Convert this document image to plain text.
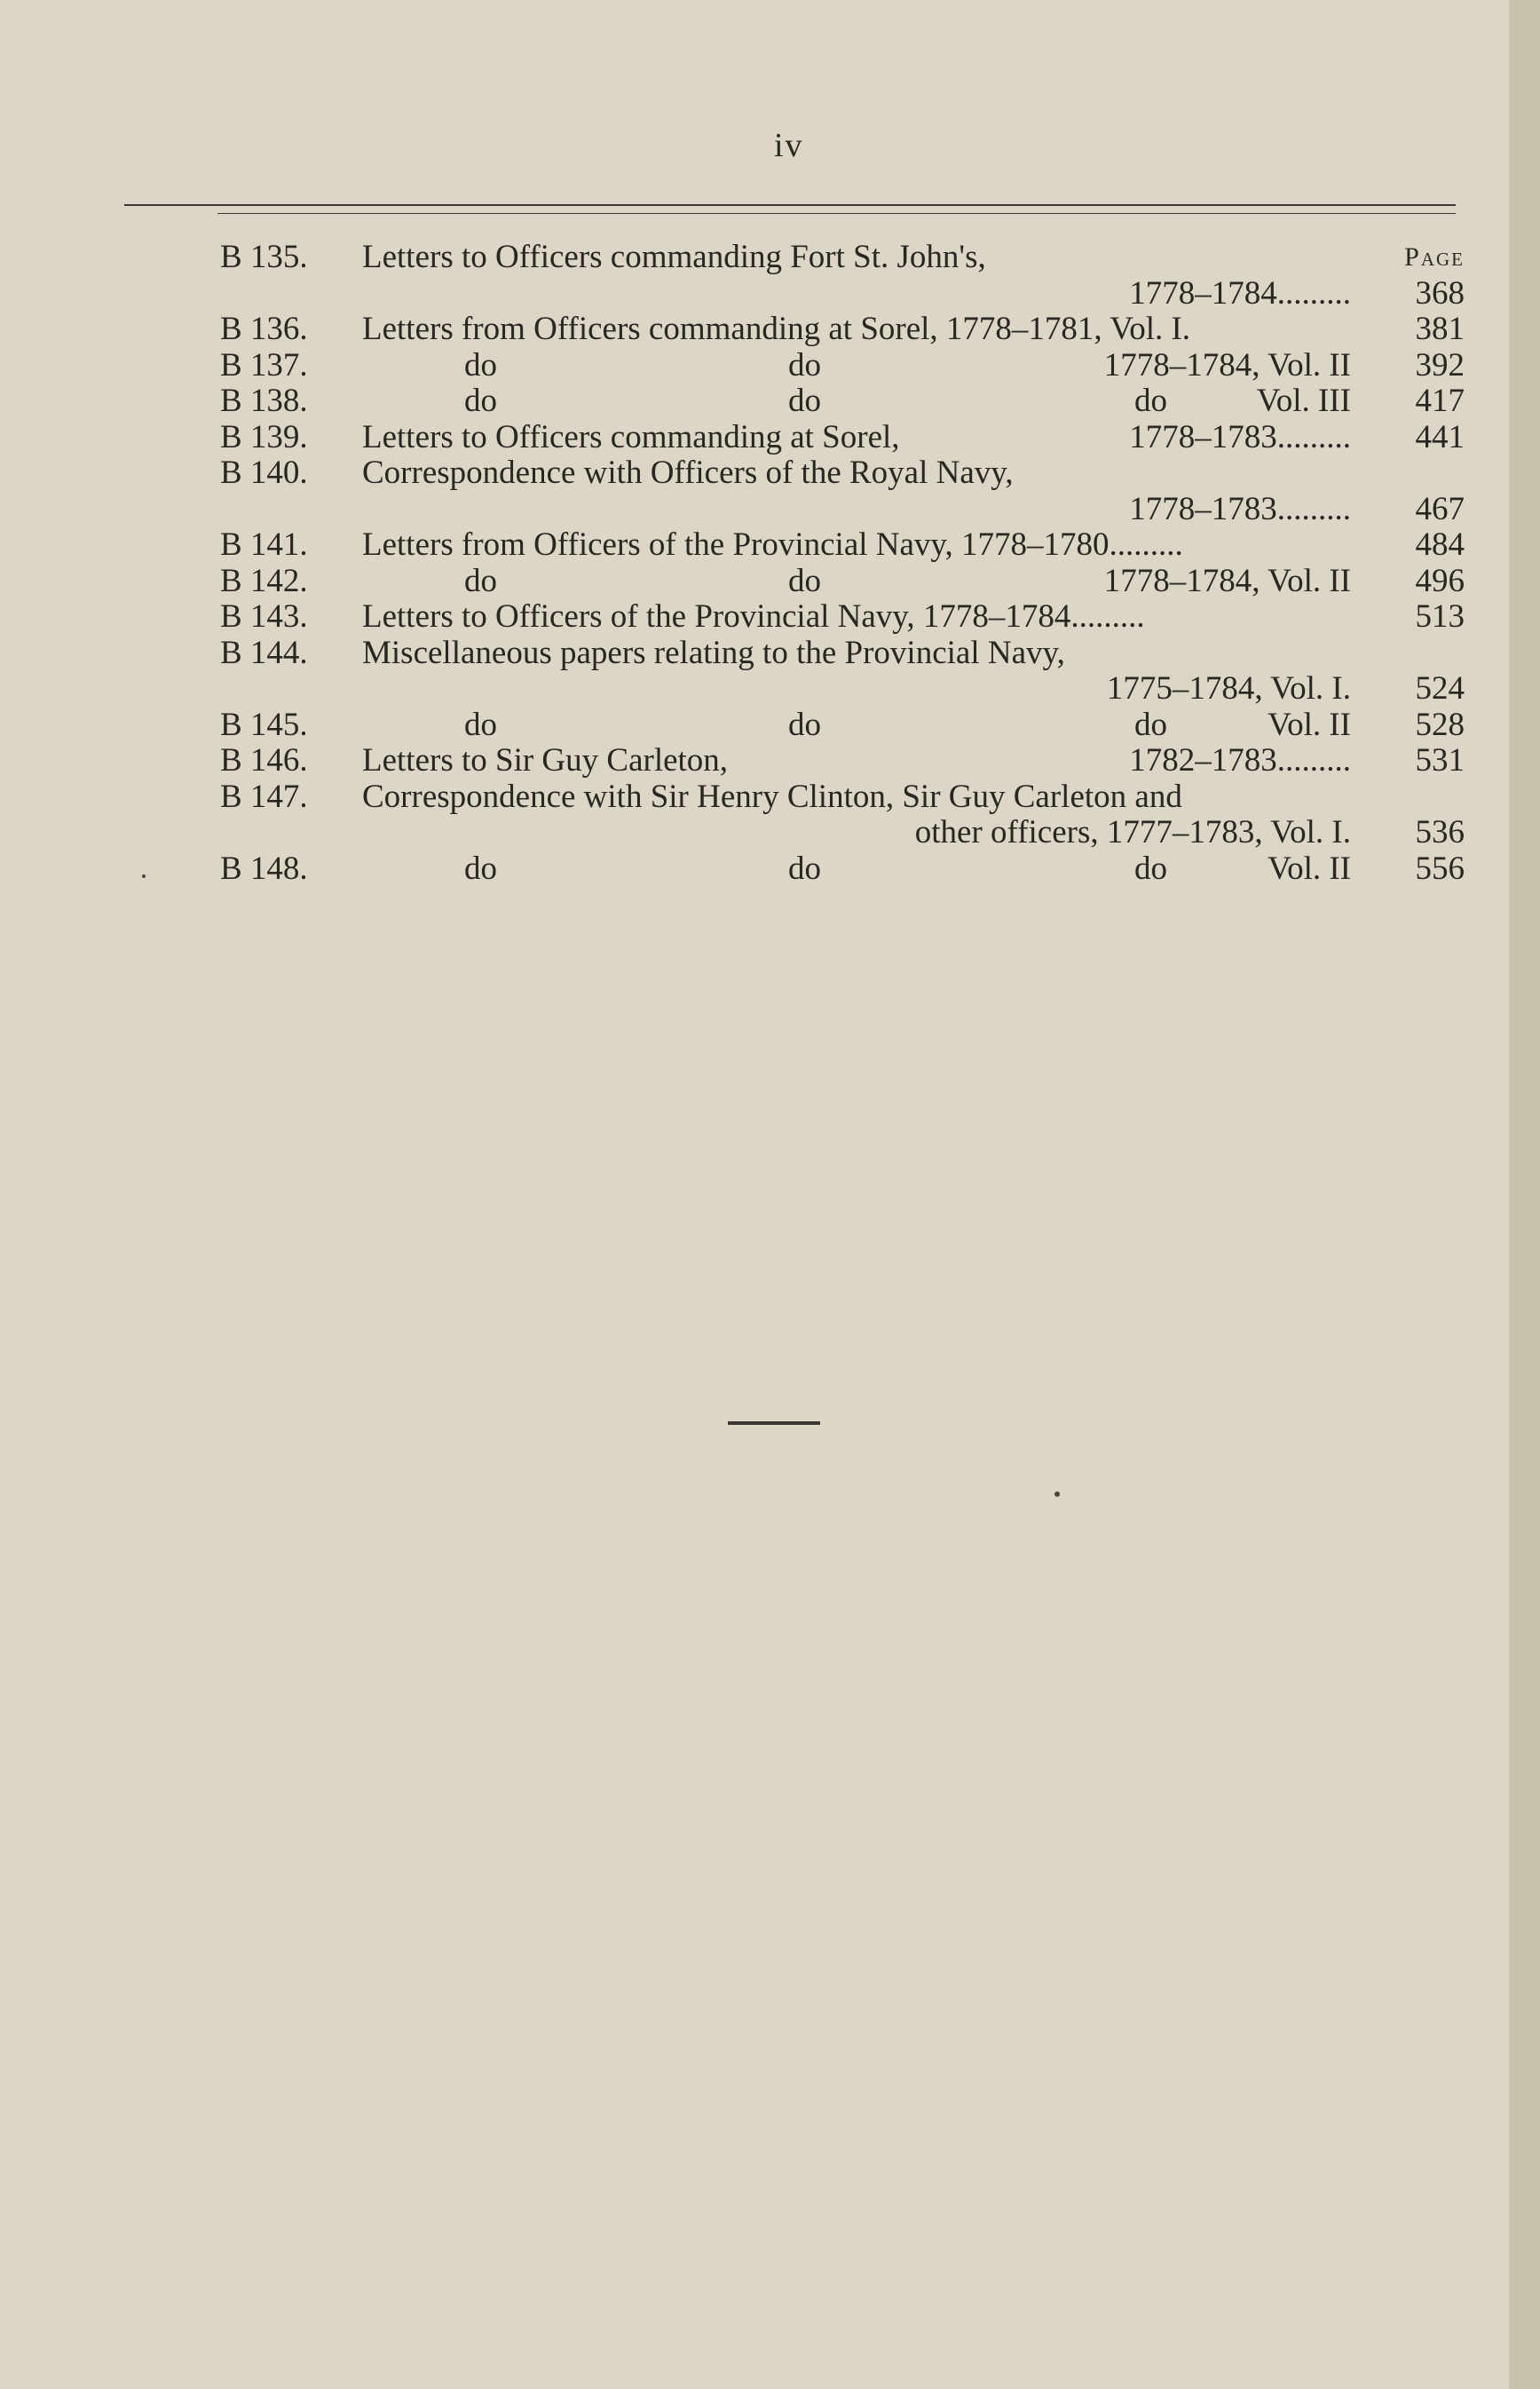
iv
B 135. Letters to Officers commanding Fort St. John's,	Page
1778–1784.........	368
B 136. Letters from Officers commanding at Sorel, 1778–1781, Vol. I.	381
B 137.	do	do	1778–1784, Vol. II	392
B 138.	do	do	do	Vol. III	417
B 139. Letters to Officers commanding at Sorel,	1778–1783.........	441
B 140. Correspondence with Officers of the Royal Navy,
1778–1783.........	467
B 141. Letters from Officers of the Provincial Navy, 1778–1780.........	484
B 142.	do	do	1778–1784, Vol. II	496
B 143. Letters to Officers of the Provincial Navy, 1778–1784.........	513
B 144. Miscellaneous papers relating to the Provincial Navy,
1775–1784, Vol. I.	524
B 145.	do	do	do	Vol. II	528
B 146. Letters to Sir Guy Carleton,	1782–1783.........	531
B 147. Correspondence with Sir Henry Clinton, Sir Guy Carleton and
other officers, 1777–1783, Vol. I.	536
B 148.	do	do	do	Vol. II	556
